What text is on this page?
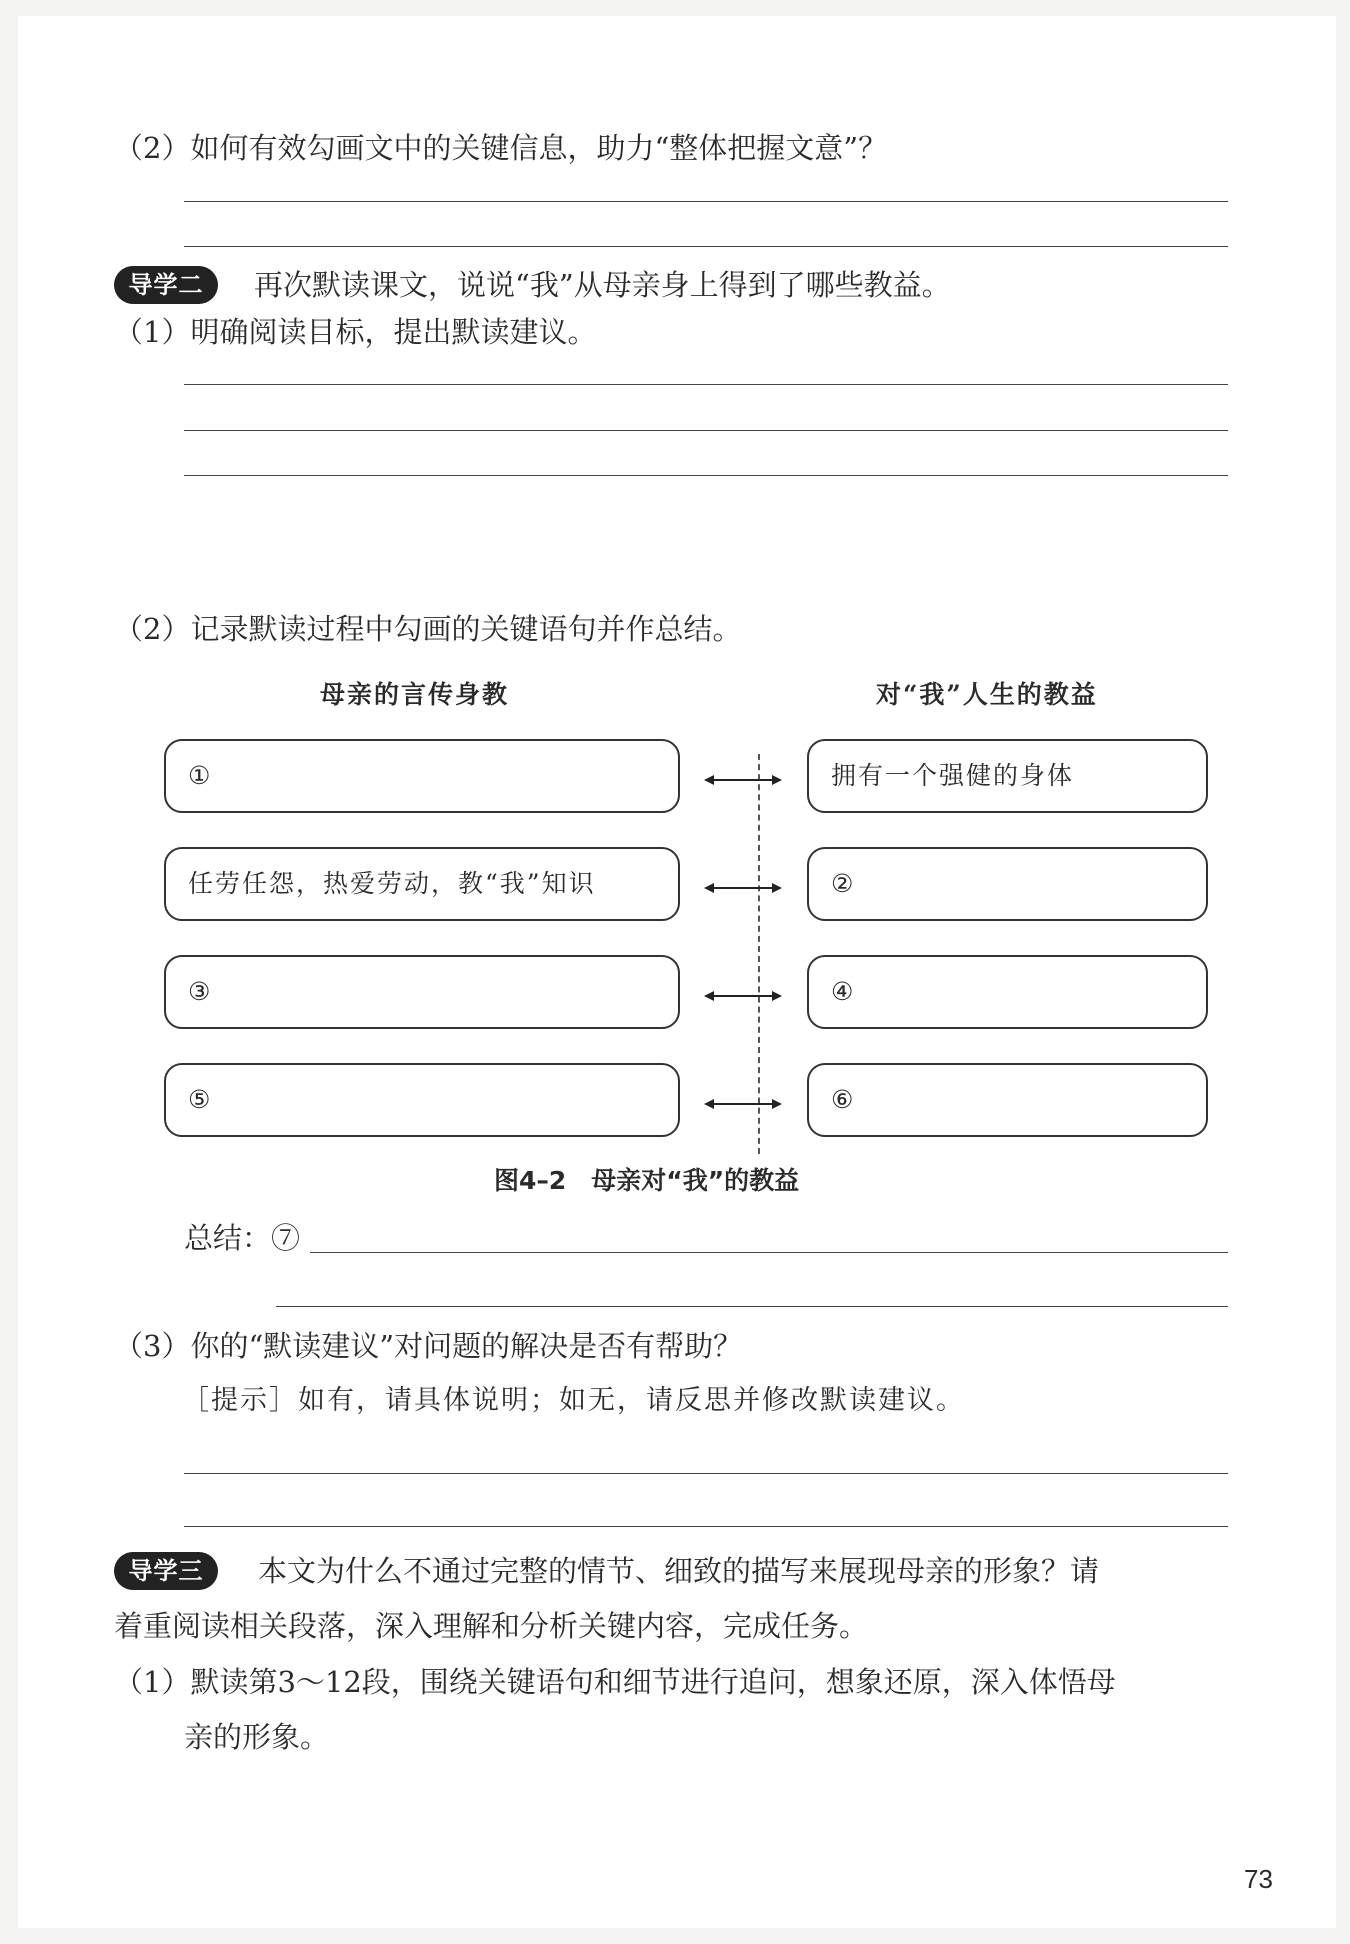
（2）如何有效勾画文中的关键信息，助力“整体把握文意”？
导学二	再次默读课文，说说“我”从母亲身上得到了哪些教益。
（1）明确阅读目标，提出默读建议。
（2）记录默读过程中勾画的关键语句并作总结。
母亲的言传身教	对“我”人生的教益
①	拥有一个强健的身体
任劳任怨，热爱劳动，教“我”知识	②
③	④
⑤	⑥
图4–2　母亲对“我”的教益
总结：⑦
（3）你的“默读建议”对问题的解决是否有帮助？
［提示］如有，请具体说明；如无，请反思并修改默读建议。
导学三	本文为什么不通过完整的情节、细致的描写来展现母亲的形象？请
着重阅读相关段落，深入理解和分析关键内容，完成任务。
（1）默读第3～12段，围绕关键语句和细节进行追问，想象还原，深入体悟母
亲的形象。
73
